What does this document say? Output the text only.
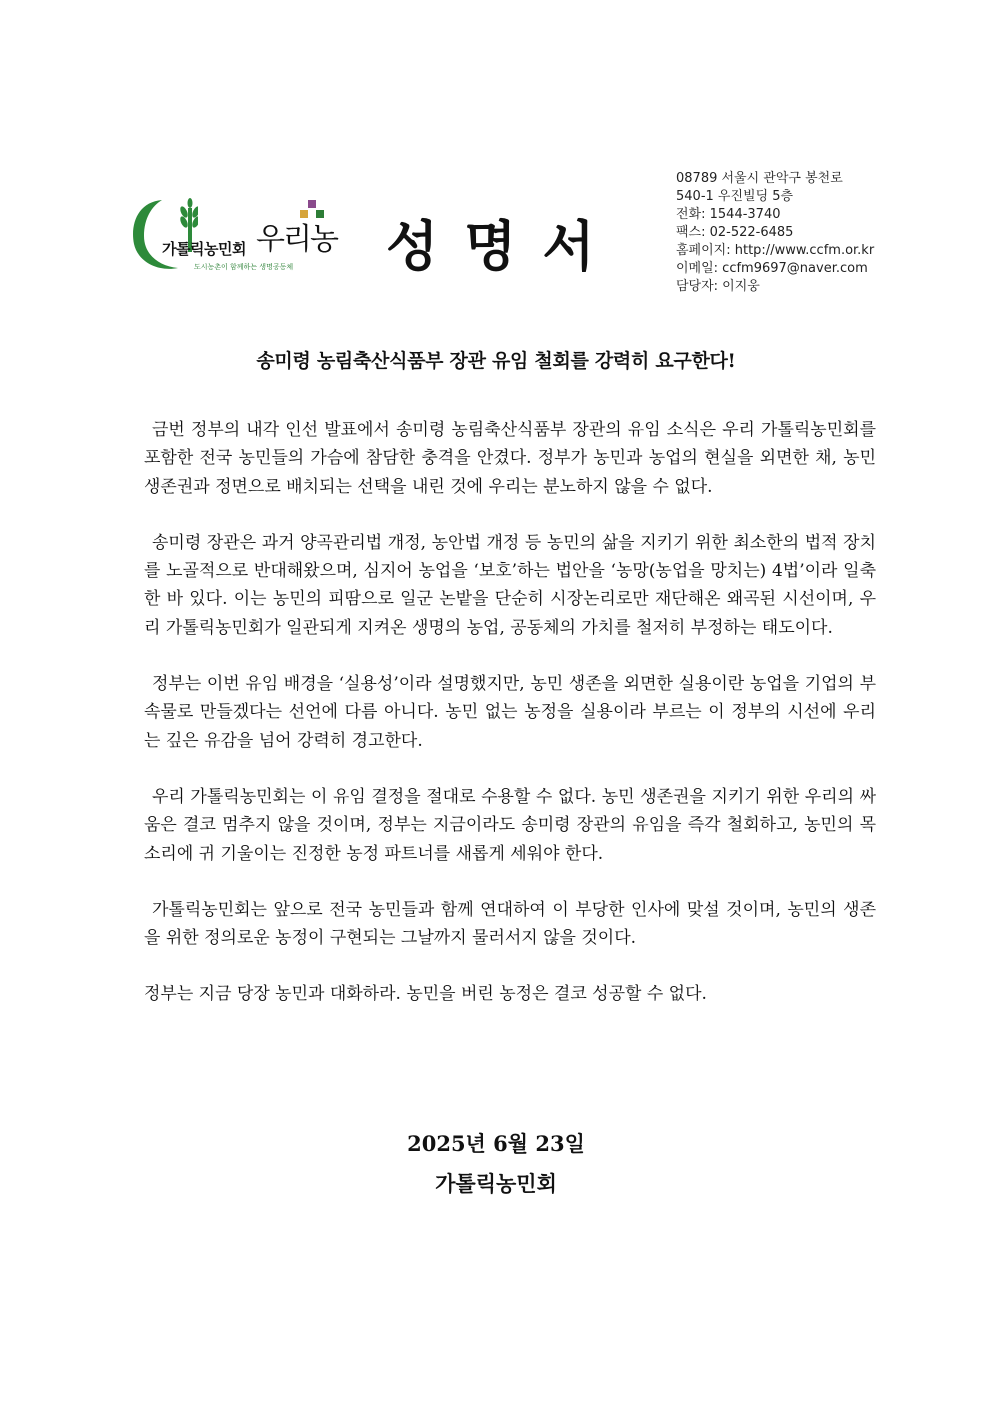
가톨릭농민회
도시농촌이 함께하는 생명공동체
우리농 성명서
08789 서울시 관악구 봉천로
540-1 우진빌딩 5층
전화: 1544-3740
팩스: 02-522-6485
홈페이지: http://www.ccfm.or.kr
이메일: ccfm9697@naver.com
담당자: 이지웅
송미령 농림축산식품부 장관 유임 철회를 강력히 요구한다!

금번 정부의 내각 인선 발표에서 송미령 농림축산식품부 장관의 유임 소식은 우리 가톨릭농민회를 포함한 전국 농민들의 가슴에 참담한 충격을 안겼다. 정부가 농민과 농업의 현실을 외면한 채, 농민 생존권과 정면으로 배치되는 선택을 내린 것에 우리는 분노하지 않을 수 없다.

송미령 장관은 과거 양곡관리법 개정, 농안법 개정 등 농민의 삶을 지키기 위한 최소한의 법적 장치를 노골적으로 반대해왔으며, 심지어 농업을 ‘보호’하는 법안을 ‘농망(농업을 망치는) 4법’이라 일축한 바 있다. 이는 농민의 피땀으로 일군 논밭을 단순히 시장논리로만 재단해온 왜곡된 시선이며, 우리 가톨릭농민회가 일관되게 지켜온 생명의 농업, 공동체의 가치를 철저히 부정하는 태도이다.

정부는 이번 유임 배경을 ‘실용성’이라 설명했지만, 농민 생존을 외면한 실용이란 농업을 기업의 부속물로 만들겠다는 선언에 다름 아니다. 농민 없는 농정을 실용이라 부르는 이 정부의 시선에 우리는 깊은 유감을 넘어 강력히 경고한다.

우리 가톨릭농민회는 이 유임 결정을 절대로 수용할 수 없다. 농민 생존권을 지키기 위한 우리의 싸움은 결코 멈추지 않을 것이며, 정부는 지금이라도 송미령 장관의 유임을 즉각 철회하고, 농민의 목소리에 귀 기울이는 진정한 농정 파트너를 새롭게 세워야 한다.

가톨릭농민회는 앞으로 전국 농민들과 함께 연대하여 이 부당한 인사에 맞설 것이며, 농민의 생존을 위한 정의로운 농정이 구현되는 그날까지 물러서지 않을 것이다.

정부는 지금 당장 농민과 대화하라. 농민을 버린 농정은 결코 성공할 수 없다.

2025년 6월 23일
가톨릭농민회
